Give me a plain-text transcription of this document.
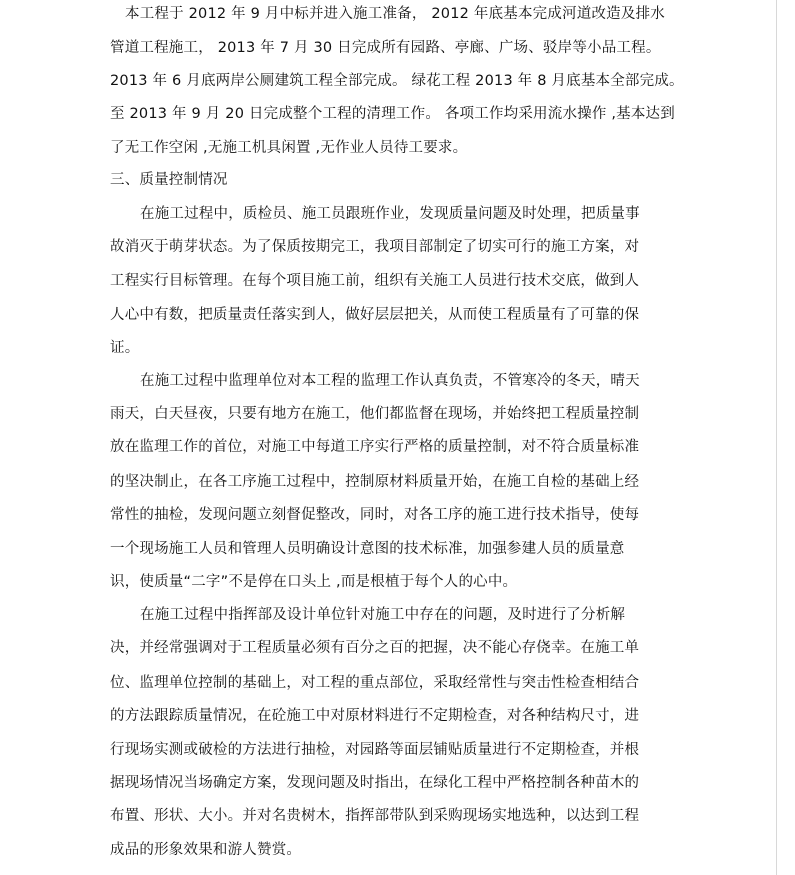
本工程于 2012 年 9 月中标并进入施工准备， 2012 年底基本完成河道改造及排水
管道工程施工， 2013 年 7 月 30 日完成所有园路、亭廊、广场、驳岸等小品工程。
2013 年 6 月底两岸公厕建筑工程全部完成。 绿花工程 2013 年 8 月底基本全部完成。
至 2013 年 9 月 20 日完成整个工程的清理工作。 各项工作均采用流水操作 ,基本达到
了无工作空闲 ,无施工机具闲置 ,无作业人员待工要求。
三、质量控制情况
在施工过程中，质检员、施工员跟班作业，发现质量问题及时处理，把质量事
故消灭于萌芽状态。为了保质按期完工，我项目部制定了切实可行的施工方案，对
工程实行目标管理。在每个项目施工前，组织有关施工人员进行技术交底，做到人
人心中有数，把质量责任落实到人，做好层层把关，从而使工程质量有了可靠的保
证。
在施工过程中监理单位对本工程的监理工作认真负责，不管寒冷的冬天，晴天
雨天，白天昼夜，只要有地方在施工，他们都监督在现场，并始终把工程质量控制
放在监理工作的首位，对施工中每道工序实行严格的质量控制，对不符合质量标准
的坚决制止，在各工序施工过程中，控制原材料质量开始，在施工自检的基础上经
常性的抽检，发现问题立刻督促整改，同时，对各工序的施工进行技术指导，使每
一个现场施工人员和管理人员明确设计意图的技术标准，加强参建人员的质量意
识，使质量“二字”不是停在口头上 ,而是根植于每个人的心中。
在施工过程中指挥部及设计单位针对施工中存在的问题，及时进行了分析解
决，并经常强调对于工程质量必须有百分之百的把握，决不能心存侥幸。在施工单
位、监理单位控制的基础上，对工程的重点部位，采取经常性与突击性检查相结合
的方法跟踪质量情况，在砼施工中对原材料进行不定期检查，对各种结构尺寸，进
行现场实测或破检的方法进行抽检，对园路等面层铺贴质量进行不定期检查，并根
据现场情况当场确定方案，发现问题及时指出，在绿化工程中严格控制各种苗木的
布置、形状、大小。并对名贵树木，指挥部带队到采购现场实地选种，以达到工程
成品的形象效果和游人赞赏。
